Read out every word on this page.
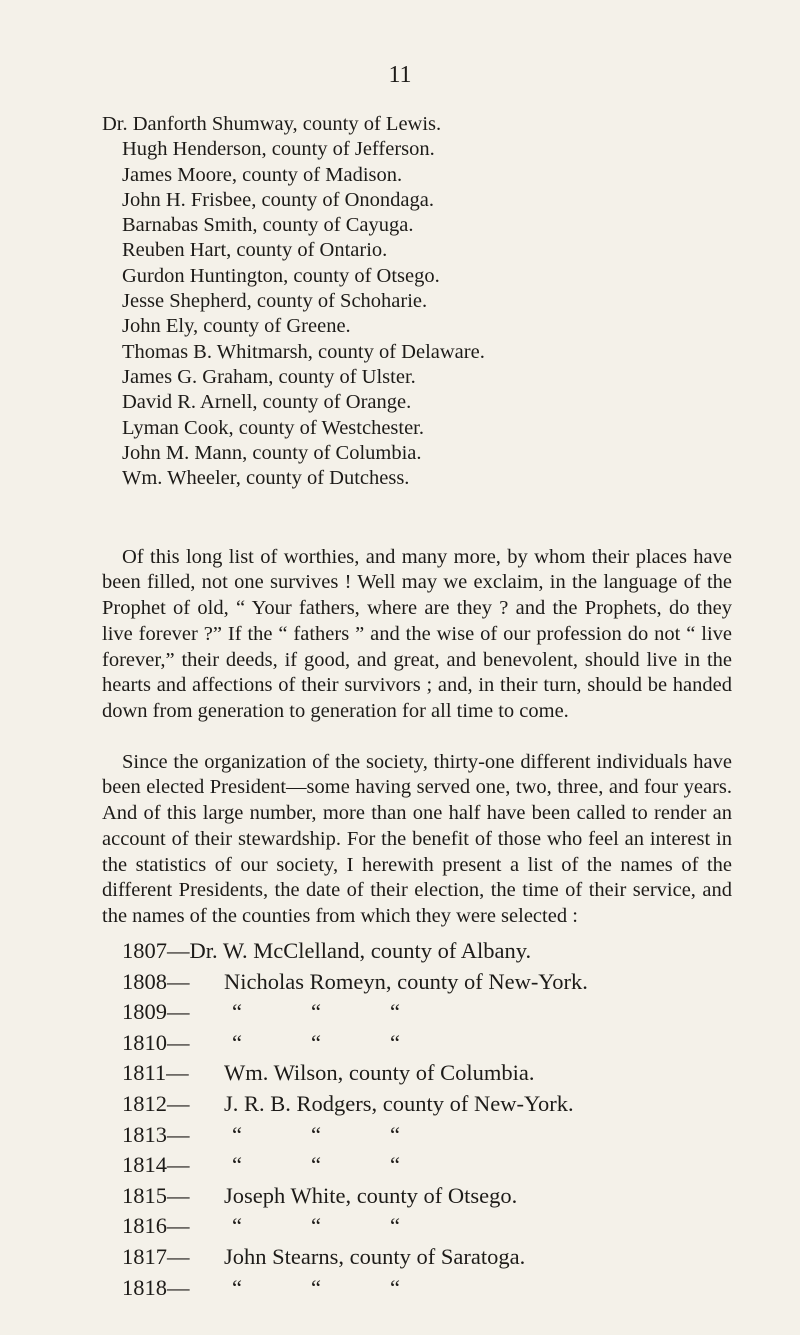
11
Dr. Danforth Shumway, county of Lewis.
Hugh Henderson, county of Jefferson.
James Moore, county of Madison.
John H. Frisbee, county of Onondaga.
Barnabas Smith, county of Cayuga.
Reuben Hart, county of Ontario.
Gurdon Huntington, county of Otsego.
Jesse Shepherd, county of Schoharie.
John Ely, county of Greene.
Thomas B. Whitmarsh, county of Delaware.
James G. Graham, county of Ulster.
David R. Arnell, county of Orange.
Lyman Cook, county of Westchester.
John M. Mann, county of Columbia.
Wm. Wheeler, county of Dutchess.

Of this long list of worthies, and many more, by whom their places have been filled, not one survives ! Well may we exclaim, in the language of the Prophet of old, “ Your fathers, where are they ? and the Prophets, do they live forever ?” If the “ fathers ” and the wise of our profession do not “ live forever,” their deeds, if good, and great, and benevolent, should live in the hearts and affections of their survivors ; and, in their turn, should be handed down from generation to generation for all time to come.

Since the organization of the society, thirty-one different individuals have been elected President—some having served one, two, three, and four years. And of this large number, more than one half have been called to render an account of their stewardship. For the benefit of those who feel an interest in the statistics of our society, I herewith present a list of the names of the different Presidents, the date of their election, the time of their service, and the names of the counties from which they were selected :

1807—Dr. W. McClelland, county of Albany.
1808—	Nicholas Romeyn, county of New-York.
1809—	“	“	“
1810—	“	“	“
1811—	Wm. Wilson, county of Columbia.
1812—	J. R. B. Rodgers, county of New-York.
1813—	“	“	“
1814—	“	“	“
1815—	Joseph White, county of Otsego.
1816—	“	“	“
1817—	John Stearns, county of Saratoga.
1818—	“	“	“
